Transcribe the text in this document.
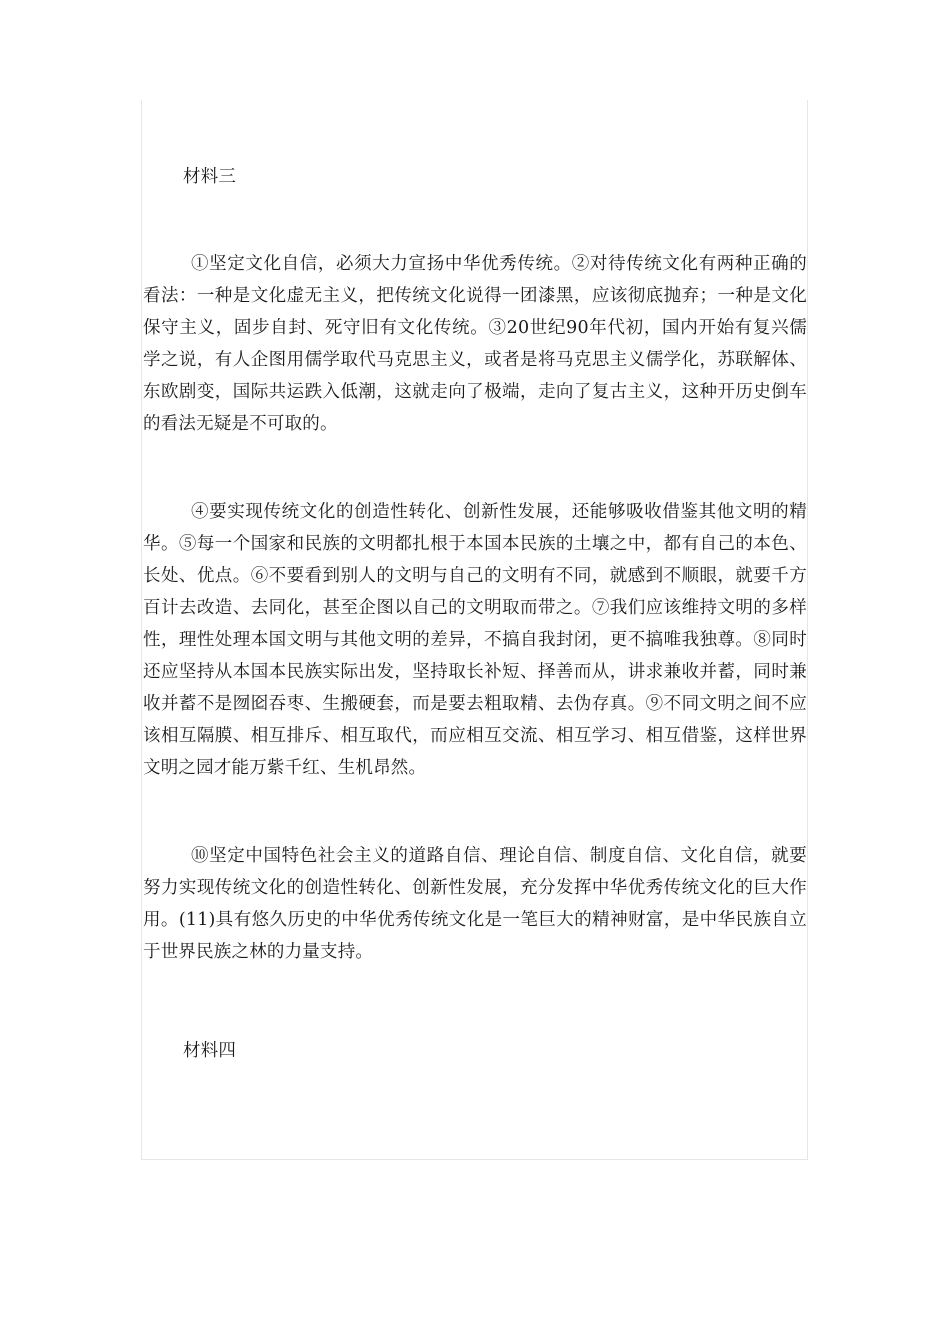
材料三

①坚定文化自信，必须大力宣扬中华优秀传统。②对待传统文化有两种正确的看法：一种是文化虚无主义，把传统文化说得一团漆黑，应该彻底抛弃；一种是文化保守主义，固步自封、死守旧有文化传统。③20世纪90年代初，国内开始有复兴儒学之说，有人企图用儒学取代马克思主义，或者是将马克思主义儒学化，苏联解体、东欧剧变，国际共运跌入低潮，这就走向了极端，走向了复古主义，这种开历史倒车的看法无疑是不可取的。

④要实现传统文化的创造性转化、创新性发展，还能够吸收借鉴其他文明的精华。⑤每一个国家和民族的文明都扎根于本国本民族的土壤之中，都有自己的本色、长处、优点。⑥不要看到别人的文明与自己的文明有不同，就感到不顺眼，就要千方百计去改造、去同化，甚至企图以自己的文明取而带之。⑦我们应该维持文明的多样性，理性处理本国文明与其他文明的差异，不搞自我封闭，更不搞唯我独尊。⑧同时还应坚持从本国本民族实际出发，坚持取长补短、择善而从，讲求兼收并蓄，同时兼收并蓄不是囫囵吞枣、生搬硬套，而是要去粗取精、去伪存真。⑨不同文明之间不应该相互隔膜、相互排斥、相互取代，而应相互交流、相互学习、相互借鉴，这样世界文明之园才能万紫千红、生机昂然。

⑩坚定中国特色社会主义的道路自信、理论自信、制度自信、文化自信，就要努力实现传统文化的创造性转化、创新性发展，充分发挥中华优秀传统文化的巨大作用。(11)具有悠久历史的中华优秀传统文化是一笔巨大的精神财富，是中华民族自立于世界民族之林的力量支持。

材料四
